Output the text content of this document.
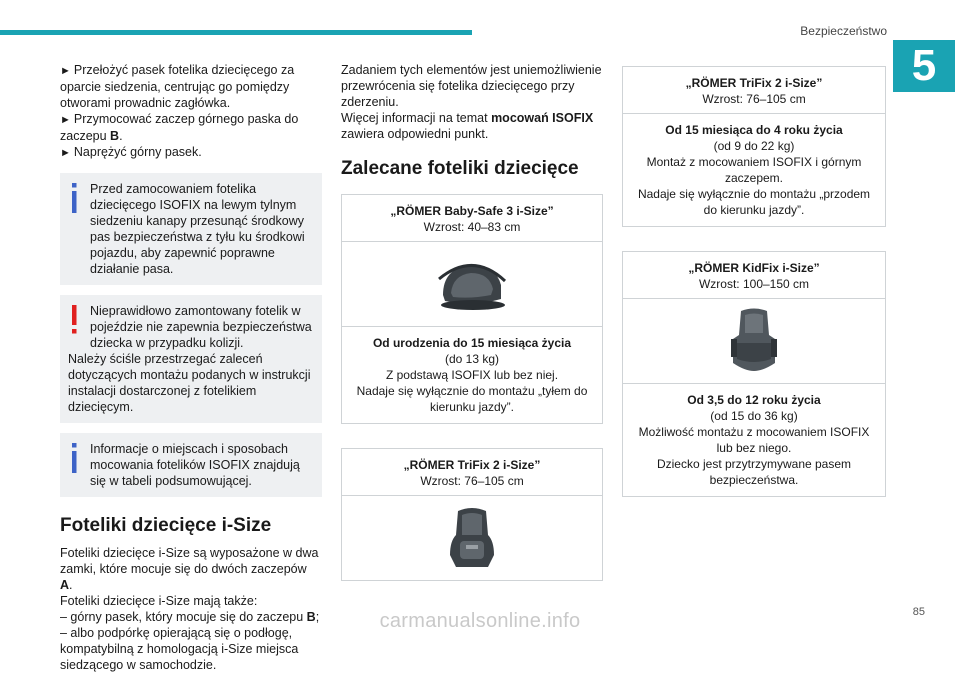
Bezpieczeństwo
5

► Przełożyć pasek fotelika dziecięcego za oparcie siedzenia, centrując go pomiędzy otworami prowadnic zagłówka.

► Przymocować zaczep górnego paska do zaczepu B.

► Naprężyć górny pasek.

Przed zamocowaniem fotelika dziecięcego ISOFIX na lewym tylnym siedzeniu kanapy przesunąć środkowy pas bezpieczeństwa z tyłu ku środkowi pojazdu, aby zapewnić poprawne działanie pasa.

Nieprawidłowo zamontowany fotelik w pojeździe nie zapewnia bezpieczeństwa dziecka w przypadku kolizji.

Należy ściśle przestrzegać zaleceń dotyczących montażu podanych w instrukcji instalacji dostarczonej z fotelikiem dziecięcym.

Informacje o miejscach i sposobach mocowania fotelików ISOFIX znajdują się w tabeli podsumowującej.

Foteliki dziecięce i-Size

Foteliki dziecięce i-Size są wyposażone w dwa zamki, które mocuje się do dwóch zaczepów A.

Foteliki dziecięce i-Size mają także:

– górny pasek, który mocuje się do zaczepu B;

– albo podpórkę opierającą się o podłogę, kompatybilną z homologacją i-Size miejsca siedzącego w samochodzie.

Zadaniem tych elementów jest uniemożliwienie przewrócenia się fotelika dziecięcego przy zderzeniu.

Więcej informacji na temat mocowań ISOFIX zawiera odpowiedni punkt.

Zalecane foteliki dziecięce
„RÖMER Baby-Safe 3 i-Size”
Wzrost: 40–83 cm
Od urodzenia do 15 miesiąca życia
(do 13 kg)
Z podstawą ISOFIX lub bez niej.
Nadaje się wyłącznie do montażu „tyłem do kierunku jazdy”.
„RÖMER TriFix 2 i-Size”
Wzrost: 76–105 cm
„RÖMER TriFix 2 i-Size”
Wzrost: 76–105 cm
Od 15 miesiąca do 4 roku życia
(od 9 do 22 kg)
Montaż z mocowaniem ISOFIX i górnym zaczepem.
Nadaje się wyłącznie do montażu „przodem do kierunku jazdy”.
„RÖMER KidFix i-Size”
Wzrost: 100–150 cm
Od 3,5 do 12 roku życia
(od 15 do 36 kg)
Możliwość montażu z mocowaniem ISOFIX lub bez niego.
Dziecko jest przytrzymywane pasem bezpieczeństwa.
85
carmanualsonline.info
